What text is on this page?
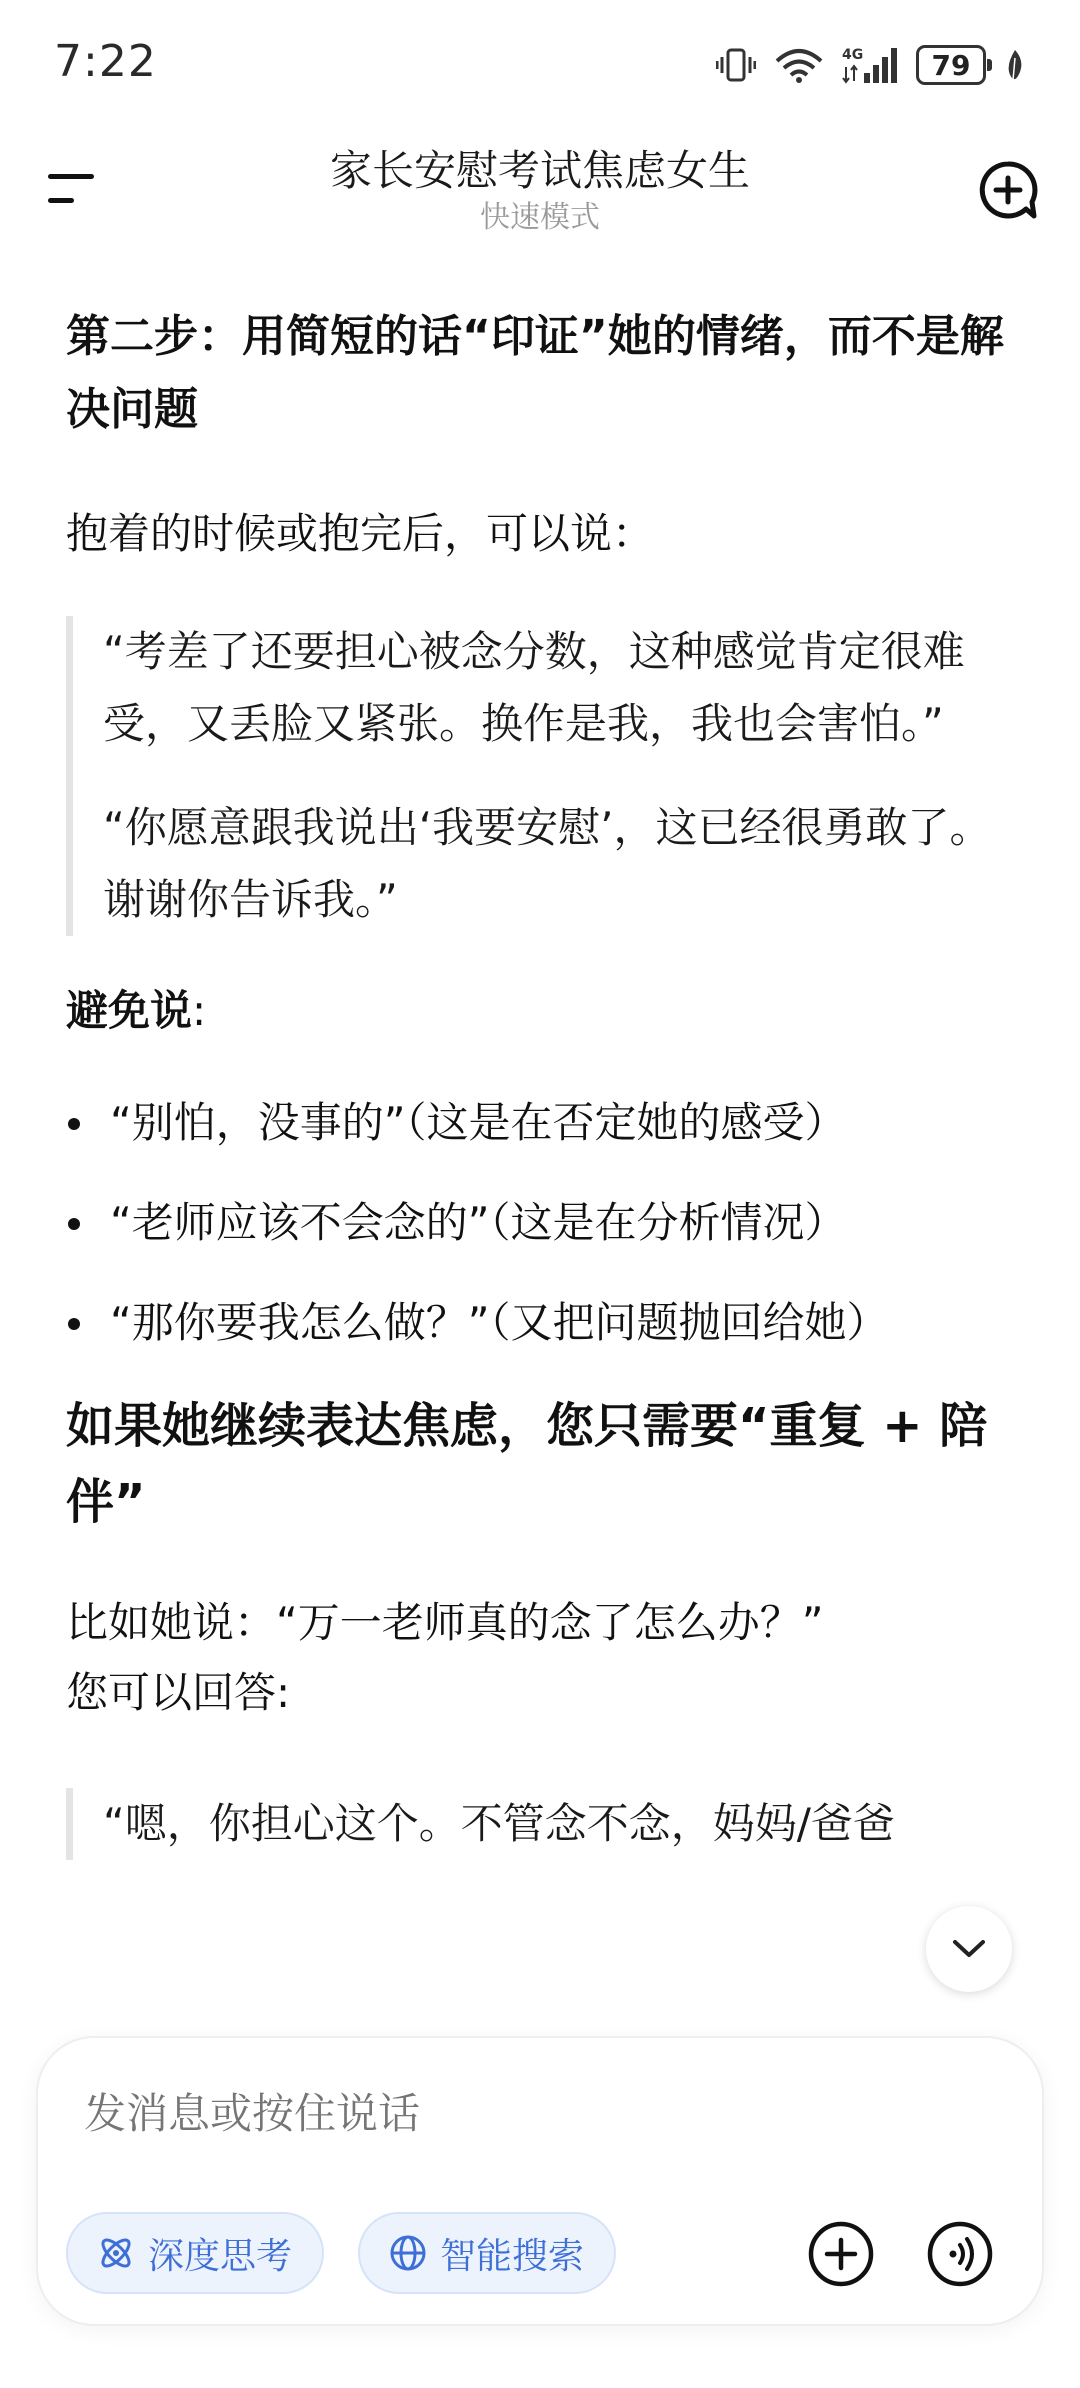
7:22	4G 79
家长安慰考试焦虑女生
快速模式

第二步：用简短的话“印证”她的情绪，而不是解决问题

抱着的时候或抱完后，可以说：

“考差了还要担心被念分数，这种感觉肯定很难受，又丢脸又紧张。换作是我，我也会害怕。”

“你愿意跟我说出‘我要安慰’，这已经很勇敢了。谢谢你告诉我。”

避免说:

“别怕，没事的”（这是在否定她的感受）
“老师应该不会念的”（这是在分析情况）
“那你要我怎么做？”（又把问题抛回给她）

如果她继续表达焦虑，您只需要“重复 + 陪伴”

比如她说：“万一老师真的念了怎么办？”

您可以回答:

“嗯，你担心这个。不管念不念，妈妈/爸爸

发消息或按住说话
深度思考	智能搜索
